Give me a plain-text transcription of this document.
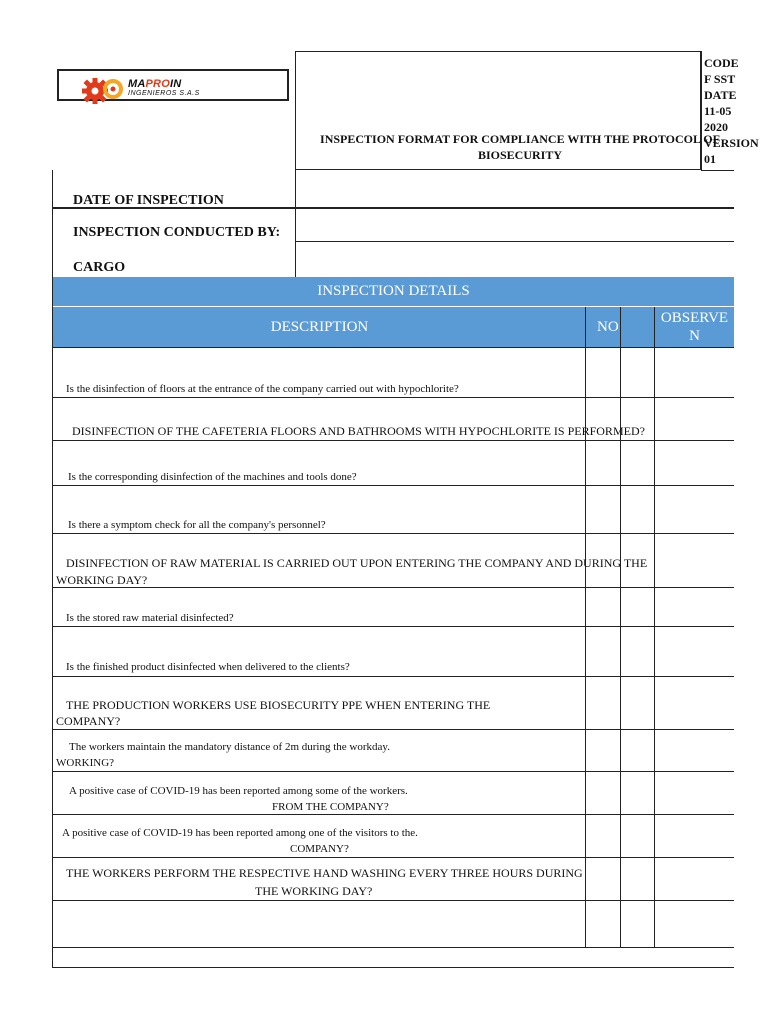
MAPROIN
INGENIEROS S.A.S
INSPECTION FORMAT FOR COMPLIANCE WITH THE PROTOCOL OF
BIOSECURITY
CODE
F SST
DATE
11-05
2020
VERSION
01
DATE OF INSPECTION
INSPECTION CONDUCTED BY:
CARGO
INSPECTION DETAILS
DESCRIPTION	NO
OBSERVE
N
Is the disinfection of floors at the entrance of the company carried out with hypochlorite?
DISINFECTION OF THE CAFETERIA FLOORS AND BATHROOMS WITH HYPOCHLORITE IS PERFORMED?
Is the corresponding disinfection of the machines and tools done?
Is there a symptom check for all the company's personnel?
DISINFECTION OF RAW MATERIAL IS CARRIED OUT UPON ENTERING THE COMPANY AND DURING THE
WORKING DAY?
Is the stored raw material disinfected?
Is the finished product disinfected when delivered to the clients?
THE PRODUCTION WORKERS USE BIOSECURITY PPE WHEN ENTERING THE
COMPANY?
The workers maintain the mandatory distance of 2m during the workday.
WORKING?
A positive case of COVID-19 has been reported among some of the workers.
FROM THE COMPANY?
A positive case of COVID-19 has been reported among one of the visitors to the.
COMPANY?
THE WORKERS PERFORM THE RESPECTIVE HAND WASHING EVERY THREE HOURS DURING
THE WORKING DAY?
